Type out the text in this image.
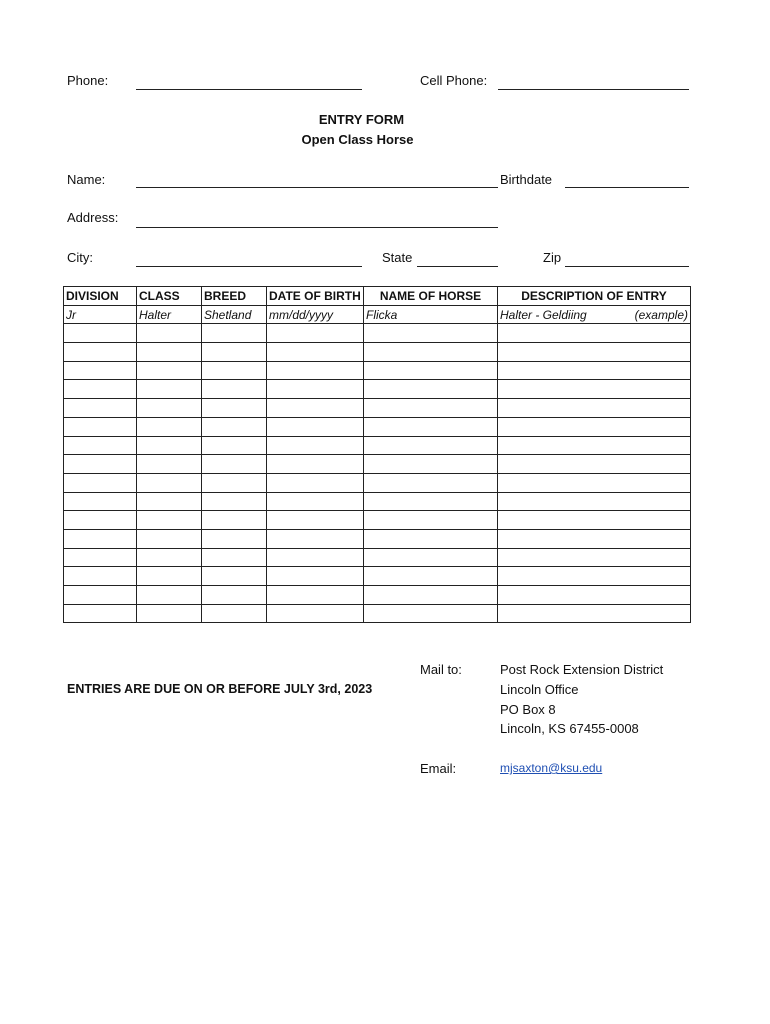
Phone:	Cell Phone:
ENTRY FORM
Open Class Horse
Name:	Birthdate
Address:
City:	State	Zip
DIVISION	CLASS	BREED	DATE OF BIRTH	NAME OF HORSE	DESCRIPTION OF ENTRY
Jr	Halter	Shetland	mm/dd/yyyy	Flicka	Halter - Geldiing (example)

ENTRIES ARE DUE ON OR BEFORE JULY 3rd, 2023
Mail to:	Post Rock Extension District
Lincoln Office
PO Box 8
Lincoln, KS 67455-0008
Email:	mjsaxton@ksu.edu
